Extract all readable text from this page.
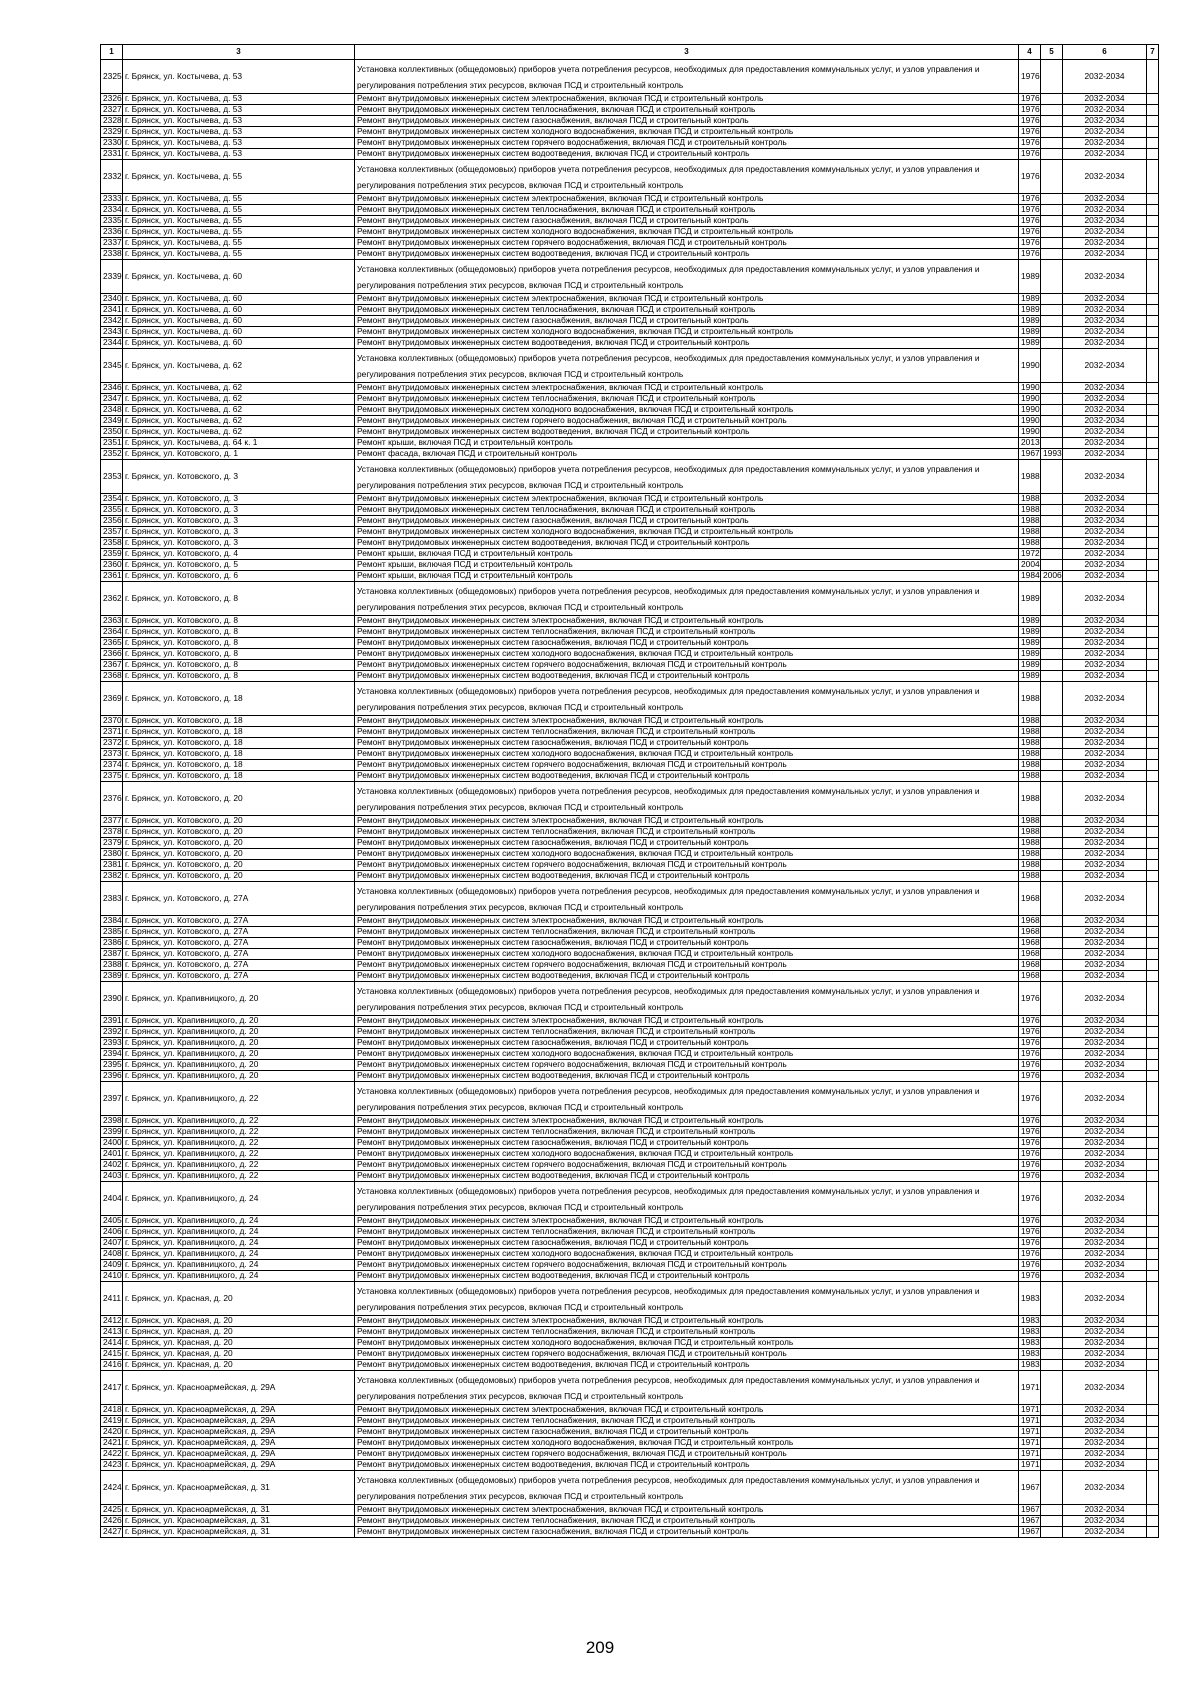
1	3	3	4	5	6	7
2325	г. Брянск, ул. Костычева, д. 53	Установка коллективных (общедомовых) приборов учета потребления ресурсов, необходимых для предоставления коммунальных услуг, и узлов управления и регулирования потребления этих ресурсов, включая ПСД и строительный контроль	1976		2032-2034	
2326	г. Брянск, ул. Костычева, д. 53	Ремонт внутридомовых инженерных систем электроснабжения, включая ПСД и строительный контроль	1976		2032-2034	
2327	г. Брянск, ул. Костычева, д. 53	Ремонт внутридомовых инженерных систем теплоснабжения, включая ПСД и строительный контроль	1976		2032-2034	
2328	г. Брянск, ул. Костычева, д. 53	Ремонт внутридомовых инженерных систем газоснабжения, включая ПСД и строительный контроль	1976		2032-2034	
2329	г. Брянск, ул. Костычева, д. 53	Ремонт внутридомовых инженерных систем холодного водоснабжения, включая ПСД и строительный контроль	1976		2032-2034	
2330	г. Брянск, ул. Костычева, д. 53	Ремонт внутридомовых инженерных систем горячего водоснабжения, включая ПСД и строительный контроль	1976		2032-2034	
2331	г. Брянск, ул. Костычева, д. 53	Ремонт внутридомовых инженерных систем водоотведения, включая ПСД и строительный контроль	1976		2032-2034	
2332	г. Брянск, ул. Костычева, д. 55	Установка коллективных (общедомовых) приборов учета потребления ресурсов, необходимых для предоставления коммунальных услуг, и узлов управления и регулирования потребления этих ресурсов, включая ПСД и строительный контроль	1976		2032-2034	
2333	г. Брянск, ул. Костычева, д. 55	Ремонт внутридомовых инженерных систем электроснабжения, включая ПСД и строительный контроль	1976		2032-2034	
2334	г. Брянск, ул. Костычева, д. 55	Ремонт внутридомовых инженерных систем теплоснабжения, включая ПСД и строительный контроль	1976		2032-2034	
2335	г. Брянск, ул. Костычева, д. 55	Ремонт внутридомовых инженерных систем газоснабжения, включая ПСД и строительный контроль	1976		2032-2034	
2336	г. Брянск, ул. Костычева, д. 55	Ремонт внутридомовых инженерных систем холодного водоснабжения, включая ПСД и строительный контроль	1976		2032-2034	
2337	г. Брянск, ул. Костычева, д. 55	Ремонт внутридомовых инженерных систем горячего водоснабжения, включая ПСД и строительный контроль	1976		2032-2034	
2338	г. Брянск, ул. Костычева, д. 55	Ремонт внутридомовых инженерных систем водоотведения, включая ПСД и строительный контроль	1976		2032-2034	
2339	г. Брянск, ул. Костычева, д. 60	Установка коллективных (общедомовых) приборов учета потребления ресурсов, необходимых для предоставления коммунальных услуг, и узлов управления и регулирования потребления этих ресурсов, включая ПСД и строительный контроль	1989		2032-2034	
2340	г. Брянск, ул. Костычева, д. 60	Ремонт внутридомовых инженерных систем электроснабжения, включая ПСД и строительный контроль	1989		2032-2034	
2341	г. Брянск, ул. Костычева, д. 60	Ремонт внутридомовых инженерных систем теплоснабжения, включая ПСД и строительный контроль	1989		2032-2034	
2342	г. Брянск, ул. Костычева, д. 60	Ремонт внутридомовых инженерных систем газоснабжения, включая ПСД и строительный контроль	1989		2032-2034	
2343	г. Брянск, ул. Костычева, д. 60	Ремонт внутридомовых инженерных систем холодного водоснабжения, включая ПСД и строительный контроль	1989		2032-2034	
2344	г. Брянск, ул. Костычева, д. 60	Ремонт внутридомовых инженерных систем водоотведения, включая ПСД и строительный контроль	1989		2032-2034	
2345	г. Брянск, ул. Костычева, д. 62	Установка коллективных (общедомовых) приборов учета потребления ресурсов, необходимых для предоставления коммунальных услуг, и узлов управления и регулирования потребления этих ресурсов, включая ПСД и строительный контроль	1990		2032-2034	
2346	г. Брянск, ул. Костычева, д. 62	Ремонт внутридомовых инженерных систем электроснабжения, включая ПСД и строительный контроль	1990		2032-2034	
2347	г. Брянск, ул. Костычева, д. 62	Ремонт внутридомовых инженерных систем теплоснабжения, включая ПСД и строительный контроль	1990		2032-2034	
2348	г. Брянск, ул. Костычева, д. 62	Ремонт внутридомовых инженерных систем холодного водоснабжения, включая ПСД и строительный контроль	1990		2032-2034	
2349	г. Брянск, ул. Костычева, д. 62	Ремонт внутридомовых инженерных систем горячего водоснабжения, включая ПСД и строительный контроль	1990		2032-2034	
2350	г. Брянск, ул. Костычева, д. 62	Ремонт внутридомовых инженерных систем водоотведения, включая ПСД и строительный контроль	1990		2032-2034	
2351	г. Брянск, ул. Костычева, д. 64 к. 1	Ремонт крыши, включая ПСД и строительный контроль	2013		2032-2034	
2352	г. Брянск, ул. Котовского, д. 1	Ремонт фасада, включая ПСД и строительный контроль	1967	1993	2032-2034	
2353	г. Брянск, ул. Котовского, д. 3	Установка коллективных (общедомовых) приборов учета потребления ресурсов, необходимых для предоставления коммунальных услуг, и узлов управления и регулирования потребления этих ресурсов, включая ПСД и строительный контроль	1988		2032-2034	
2354	г. Брянск, ул. Котовского, д. 3	Ремонт внутридомовых инженерных систем электроснабжения, включая ПСД и строительный контроль	1988		2032-2034	
2355	г. Брянск, ул. Котовского, д. 3	Ремонт внутридомовых инженерных систем теплоснабжения, включая ПСД и строительный контроль	1988		2032-2034	
2356	г. Брянск, ул. Котовского, д. 3	Ремонт внутридомовых инженерных систем газоснабжения, включая ПСД и строительный контроль	1988		2032-2034	
2357	г. Брянск, ул. Котовского, д. 3	Ремонт внутридомовых инженерных систем холодного водоснабжения, включая ПСД и строительный контроль	1988		2032-2034	
2358	г. Брянск, ул. Котовского, д. 3	Ремонт внутридомовых инженерных систем водоотведения, включая ПСД и строительный контроль	1988		2032-2034	
2359	г. Брянск, ул. Котовского, д. 4	Ремонт крыши, включая ПСД и строительный контроль	1972		2032-2034	
2360	г. Брянск, ул. Котовского, д. 5	Ремонт крыши, включая ПСД и строительный контроль	2004		2032-2034	
2361	г. Брянск, ул. Котовского, д. 6	Ремонт крыши, включая ПСД и строительный контроль	1984	2006	2032-2034	
2362	г. Брянск, ул. Котовского, д. 8	Установка коллективных (общедомовых) приборов учета потребления ресурсов, необходимых для предоставления коммунальных услуг, и узлов управления и регулирования потребления этих ресурсов, включая ПСД и строительный контроль	1989		2032-2034	
2363	г. Брянск, ул. Котовского, д. 8	Ремонт внутридомовых инженерных систем электроснабжения, включая ПСД и строительный контроль	1989		2032-2034	
2364	г. Брянск, ул. Котовского, д. 8	Ремонт внутридомовых инженерных систем теплоснабжения, включая ПСД и строительный контроль	1989		2032-2034	
2365	г. Брянск, ул. Котовского, д. 8	Ремонт внутридомовых инженерных систем газоснабжения, включая ПСД и строительный контроль	1989		2032-2034	
2366	г. Брянск, ул. Котовского, д. 8	Ремонт внутридомовых инженерных систем холодного водоснабжения, включая ПСД и строительный контроль	1989		2032-2034	
2367	г. Брянск, ул. Котовского, д. 8	Ремонт внутридомовых инженерных систем горячего водоснабжения, включая ПСД и строительный контроль	1989		2032-2034	
2368	г. Брянск, ул. Котовского, д. 8	Ремонт внутридомовых инженерных систем водоотведения, включая ПСД и строительный контроль	1989		2032-2034	
2369	г. Брянск, ул. Котовского, д. 18	Установка коллективных (общедомовых) приборов учета потребления ресурсов, необходимых для предоставления коммунальных услуг, и узлов управления и регулирования потребления этих ресурсов, включая ПСД и строительный контроль	1988		2032-2034	
2370	г. Брянск, ул. Котовского, д. 18	Ремонт внутридомовых инженерных систем электроснабжения, включая ПСД и строительный контроль	1988		2032-2034	
2371	г. Брянск, ул. Котовского, д. 18	Ремонт внутридомовых инженерных систем теплоснабжения, включая ПСД и строительный контроль	1988		2032-2034	
2372	г. Брянск, ул. Котовского, д. 18	Ремонт внутридомовых инженерных систем газоснабжения, включая ПСД и строительный контроль	1988		2032-2034	
2373	г. Брянск, ул. Котовского, д. 18	Ремонт внутридомовых инженерных систем холодного водоснабжения, включая ПСД и строительный контроль	1988		2032-2034	
2374	г. Брянск, ул. Котовского, д. 18	Ремонт внутридомовых инженерных систем горячего водоснабжения, включая ПСД и строительный контроль	1988		2032-2034	
2375	г. Брянск, ул. Котовского, д. 18	Ремонт внутридомовых инженерных систем водоотведения, включая ПСД и строительный контроль	1988		2032-2034	
2376	г. Брянск, ул. Котовского, д. 20	Установка коллективных (общедомовых) приборов учета потребления ресурсов, необходимых для предоставления коммунальных услуг, и узлов управления и регулирования потребления этих ресурсов, включая ПСД и строительный контроль	1988		2032-2034	
2377	г. Брянск, ул. Котовского, д. 20	Ремонт внутридомовых инженерных систем электроснабжения, включая ПСД и строительный контроль	1988		2032-2034	
2378	г. Брянск, ул. Котовского, д. 20	Ремонт внутридомовых инженерных систем теплоснабжения, включая ПСД и строительный контроль	1988		2032-2034	
2379	г. Брянск, ул. Котовского, д. 20	Ремонт внутридомовых инженерных систем газоснабжения, включая ПСД и строительный контроль	1988		2032-2034	
2380	г. Брянск, ул. Котовского, д. 20	Ремонт внутридомовых инженерных систем холодного водоснабжения, включая ПСД и строительный контроль	1988		2032-2034	
2381	г. Брянск, ул. Котовского, д. 20	Ремонт внутридомовых инженерных систем горячего водоснабжения, включая ПСД и строительный контроль	1988		2032-2034	
2382	г. Брянск, ул. Котовского, д. 20	Ремонт внутридомовых инженерных систем водоотведения, включая ПСД и строительный контроль	1988		2032-2034	
2383	г. Брянск, ул. Котовского, д. 27А	Установка коллективных (общедомовых) приборов учета потребления ресурсов, необходимых для предоставления коммунальных услуг, и узлов управления и регулирования потребления этих ресурсов, включая ПСД и строительный контроль	1968		2032-2034	
2384	г. Брянск, ул. Котовского, д. 27А	Ремонт внутридомовых инженерных систем электроснабжения, включая ПСД и строительный контроль	1968		2032-2034	
2385	г. Брянск, ул. Котовского, д. 27А	Ремонт внутридомовых инженерных систем теплоснабжения, включая ПСД и строительный контроль	1968		2032-2034	
2386	г. Брянск, ул. Котовского, д. 27А	Ремонт внутридомовых инженерных систем газоснабжения, включая ПСД и строительный контроль	1968		2032-2034	
2387	г. Брянск, ул. Котовского, д. 27А	Ремонт внутридомовых инженерных систем холодного водоснабжения, включая ПСД и строительный контроль	1968		2032-2034	
2388	г. Брянск, ул. Котовского, д. 27А	Ремонт внутридомовых инженерных систем горячего водоснабжения, включая ПСД и строительный контроль	1968		2032-2034	
2389	г. Брянск, ул. Котовского, д. 27А	Ремонт внутридомовых инженерных систем водоотведения, включая ПСД и строительный контроль	1968		2032-2034	
2390	г. Брянск, ул. Крапивницкого, д. 20	Установка коллективных (общедомовых) приборов учета потребления ресурсов, необходимых для предоставления коммунальных услуг, и узлов управления и регулирования потребления этих ресурсов, включая ПСД и строительный контроль	1976		2032-2034	
2391	г. Брянск, ул. Крапивницкого, д. 20	Ремонт внутридомовых инженерных систем электроснабжения, включая ПСД и строительный контроль	1976		2032-2034	
2392	г. Брянск, ул. Крапивницкого, д. 20	Ремонт внутридомовых инженерных систем теплоснабжения, включая ПСД и строительный контроль	1976		2032-2034	
2393	г. Брянск, ул. Крапивницкого, д. 20	Ремонт внутридомовых инженерных систем газоснабжения, включая ПСД и строительный контроль	1976		2032-2034	
2394	г. Брянск, ул. Крапивницкого, д. 20	Ремонт внутридомовых инженерных систем холодного водоснабжения, включая ПСД и строительный контроль	1976		2032-2034	
2395	г. Брянск, ул. Крапивницкого, д. 20	Ремонт внутридомовых инженерных систем горячего водоснабжения, включая ПСД и строительный контроль	1976		2032-2034	
2396	г. Брянск, ул. Крапивницкого, д. 20	Ремонт внутридомовых инженерных систем водоотведения, включая ПСД и строительный контроль	1976		2032-2034	
2397	г. Брянск, ул. Крапивницкого, д. 22	Установка коллективных (общедомовых) приборов учета потребления ресурсов, необходимых для предоставления коммунальных услуг, и узлов управления и регулирования потребления этих ресурсов, включая ПСД и строительный контроль	1976		2032-2034	
2398	г. Брянск, ул. Крапивницкого, д. 22	Ремонт внутридомовых инженерных систем электроснабжения, включая ПСД и строительный контроль	1976		2032-2034	
2399	г. Брянск, ул. Крапивницкого, д. 22	Ремонт внутридомовых инженерных систем теплоснабжения, включая ПСД и строительный контроль	1976		2032-2034	
2400	г. Брянск, ул. Крапивницкого, д. 22	Ремонт внутридомовых инженерных систем газоснабжения, включая ПСД и строительный контроль	1976		2032-2034	
2401	г. Брянск, ул. Крапивницкого, д. 22	Ремонт внутридомовых инженерных систем холодного водоснабжения, включая ПСД и строительный контроль	1976		2032-2034	
2402	г. Брянск, ул. Крапивницкого, д. 22	Ремонт внутридомовых инженерных систем горячего водоснабжения, включая ПСД и строительный контроль	1976		2032-2034	
2403	г. Брянск, ул. Крапивницкого, д. 22	Ремонт внутридомовых инженерных систем водоотведения, включая ПСД и строительный контроль	1976		2032-2034	
2404	г. Брянск, ул. Крапивницкого, д. 24	Установка коллективных (общедомовых) приборов учета потребления ресурсов, необходимых для предоставления коммунальных услуг, и узлов управления и регулирования потребления этих ресурсов, включая ПСД и строительный контроль	1976		2032-2034	
2405	г. Брянск, ул. Крапивницкого, д. 24	Ремонт внутридомовых инженерных систем электроснабжения, включая ПСД и строительный контроль	1976		2032-2034	
2406	г. Брянск, ул. Крапивницкого, д. 24	Ремонт внутридомовых инженерных систем теплоснабжения, включая ПСД и строительный контроль	1976		2032-2034	
2407	г. Брянск, ул. Крапивницкого, д. 24	Ремонт внутридомовых инженерных систем газоснабжения, включая ПСД и строительный контроль	1976		2032-2034	
2408	г. Брянск, ул. Крапивницкого, д. 24	Ремонт внутридомовых инженерных систем холодного водоснабжения, включая ПСД и строительный контроль	1976		2032-2034	
2409	г. Брянск, ул. Крапивницкого, д. 24	Ремонт внутридомовых инженерных систем горячего водоснабжения, включая ПСД и строительный контроль	1976		2032-2034	
2410	г. Брянск, ул. Крапивницкого, д. 24	Ремонт внутридомовых инженерных систем водоотведения, включая ПСД и строительный контроль	1976		2032-2034	
2411	г. Брянск, ул. Красная, д. 20	Установка коллективных (общедомовых) приборов учета потребления ресурсов, необходимых для предоставления коммунальных услуг, и узлов управления и регулирования потребления этих ресурсов, включая ПСД и строительный контроль	1983		2032-2034	
2412	г. Брянск, ул. Красная, д. 20	Ремонт внутридомовых инженерных систем электроснабжения, включая ПСД и строительный контроль	1983		2032-2034	
2413	г. Брянск, ул. Красная, д. 20	Ремонт внутридомовых инженерных систем теплоснабжения, включая ПСД и строительный контроль	1983		2032-2034	
2414	г. Брянск, ул. Красная, д. 20	Ремонт внутридомовых инженерных систем холодного водоснабжения, включая ПСД и строительный контроль	1983		2032-2034	
2415	г. Брянск, ул. Красная, д. 20	Ремонт внутридомовых инженерных систем горячего водоснабжения, включая ПСД и строительный контроль	1983		2032-2034	
2416	г. Брянск, ул. Красная, д. 20	Ремонт внутридомовых инженерных систем водоотведения, включая ПСД и строительный контроль	1983		2032-2034	
2417	г. Брянск, ул. Красноармейская, д. 29А	Установка коллективных (общедомовых) приборов учета потребления ресурсов, необходимых для предоставления коммунальных услуг, и узлов управления и регулирования потребления этих ресурсов, включая ПСД и строительный контроль	1971		2032-2034	
2418	г. Брянск, ул. Красноармейская, д. 29А	Ремонт внутридомовых инженерных систем электроснабжения, включая ПСД и строительный контроль	1971		2032-2034	
2419	г. Брянск, ул. Красноармейская, д. 29А	Ремонт внутридомовых инженерных систем теплоснабжения, включая ПСД и строительный контроль	1971		2032-2034	
2420	г. Брянск, ул. Красноармейская, д. 29А	Ремонт внутридомовых инженерных систем газоснабжения, включая ПСД и строительный контроль	1971		2032-2034	
2421	г. Брянск, ул. Красноармейская, д. 29А	Ремонт внутридомовых инженерных систем холодного водоснабжения, включая ПСД и строительный контроль	1971		2032-2034	
2422	г. Брянск, ул. Красноармейская, д. 29А	Ремонт внутридомовых инженерных систем горячего водоснабжения, включая ПСД и строительный контроль	1971		2032-2034	
2423	г. Брянск, ул. Красноармейская, д. 29А	Ремонт внутридомовых инженерных систем водоотведения, включая ПСД и строительный контроль	1971		2032-2034	
2424	г. Брянск, ул. Красноармейская, д. 31	Установка коллективных (общедомовых) приборов учета потребления ресурсов, необходимых для предоставления коммунальных услуг, и узлов управления и регулирования потребления этих ресурсов, включая ПСД и строительный контроль	1967		2032-2034	
2425	г. Брянск, ул. Красноармейская, д. 31	Ремонт внутридомовых инженерных систем электроснабжения, включая ПСД и строительный контроль	1967		2032-2034	
2426	г. Брянск, ул. Красноармейская, д. 31	Ремонт внутридомовых инженерных систем теплоснабжения, включая ПСД и строительный контроль	1967		2032-2034	
2427	г. Брянск, ул. Красноармейская, д. 31	Ремонт внутридомовых инженерных систем газоснабжения, включая ПСД и строительный контроль	1967		2032-2034	
209
